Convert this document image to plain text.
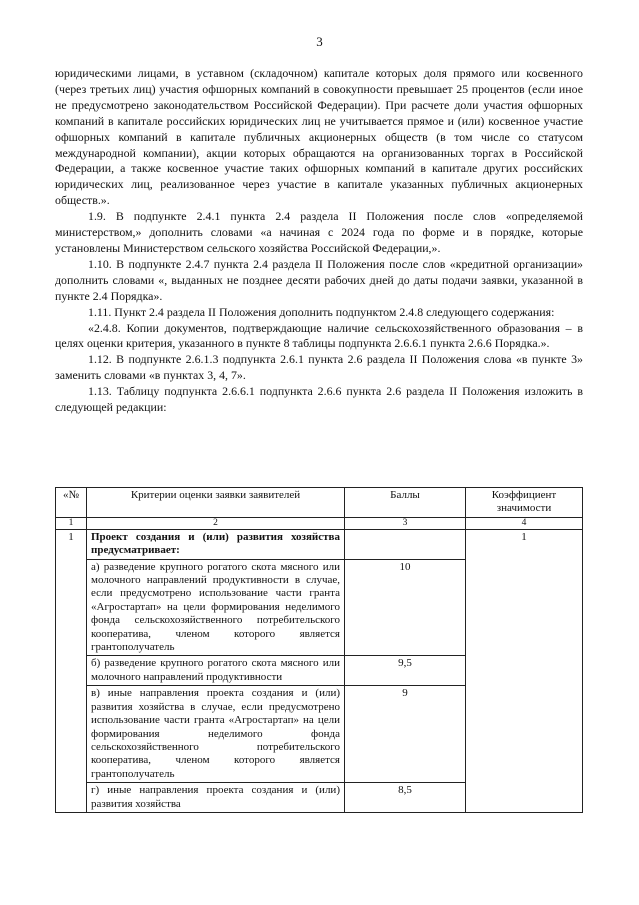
3

юридическими лицами, в уставном (складочном) капитале которых доля прямого или косвенного (через третьих лиц) участия офшорных компаний в совокупности превышает 25 процентов (если иное не предусмотрено законодательством Российской Федерации). При расчете доли участия офшорных компаний в капитале российских юридических лиц не учитывается прямое и (или) косвенное участие офшорных компаний в капитале публичных акционерных обществ (в том числе со статусом международной компании), акции которых обращаются на организованных торгах в Российской Федерации, а также косвенное участие таких офшорных компаний в капитале других российских юридических лиц, реализованное через участие в капитале указанных публичных акционерных обществ.».

1.9. В подпункте 2.4.1 пункта 2.4 раздела II Положения после слов «определяемой министерством,» дополнить словами «а начиная с 2024 года по форме и в порядке, которые установлены Министерством сельского хозяйства Российской Федерации,».

1.10. В подпункте 2.4.7 пункта 2.4 раздела II Положения после слов «кредитной организации» дополнить словами «, выданных не позднее десяти рабочих дней до даты подачи заявки, указанной в пункте 2.4 Порядка».

1.11. Пункт 2.4 раздела II Положения дополнить подпунктом 2.4.8 следующего содержания:

«2.4.8. Копии документов, подтверждающие наличие сельскохозяйственного образования – в целях оценки критерия, указанного в пункте 8 таблицы подпункта 2.6.6.1 пункта 2.6.6 Порядка.».

1.12. В подпункте 2.6.1.3 подпункта 2.6.1 пункта 2.6 раздела II Положения слова «в пункте 3» заменить словами «в пунктах 3, 4, 7».

1.13. Таблицу подпункта 2.6.6.1 подпункта 2.6.6 пункта 2.6 раздела II Положения изложить в следующей редакции:

«№	Критерии оценки заявки заявителей	Баллы	Коэффициент значимости
1	2	3	4
1	Проект создания и (или) развития хозяйства предусматривает:		1
	а) разведение крупного рогатого скота мясного или молочного направлений продуктивности в случае, если предусмотрено использование части гранта «Агростартап» на цели формирования неделимого фонда сельскохозяйственного потребительского кооператива, членом которого является грантополучатель	10	
	б) разведение крупного рогатого скота мясного или молочного направлений продуктивности	9,5	
	в) иные направления проекта создания и (или) развития хозяйства в случае, если предусмотрено использование части гранта «Агростартап» на цели формирования неделимого фонда сельскохозяйственного потребительского кооператива, членом которого является грантополучатель	9	
	г) иные направления проекта создания и (или) развития хозяйства	8,5	
